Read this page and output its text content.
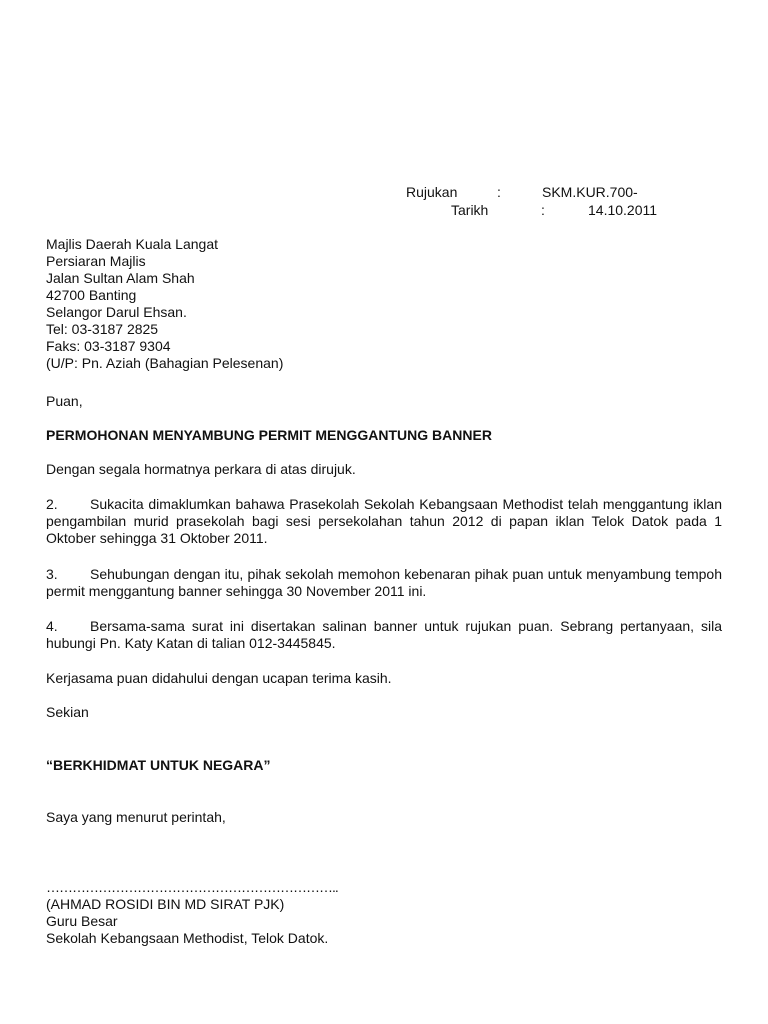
Rujukan	:	SKM.KUR.700-
Tarikh	:	14.10.2011
Majlis Daerah Kuala Langat
Persiaran Majlis
Jalan Sultan Alam Shah
42700 Banting
Selangor Darul Ehsan.
Tel: 03-3187 2825
Faks: 03-3187 9304
(U/P: Pn. Aziah (Bahagian Pelesenan)
Puan,
PERMOHONAN MENYAMBUNG PERMIT MENGGANTUNG BANNER
Dengan segala hormatnya perkara di atas dirujuk.
2. Sukacita dimaklumkan bahawa Prasekolah Sekolah Kebangsaan Methodist telah menggantung iklan pengambilan murid prasekolah bagi sesi persekolahan tahun 2012 di papan iklan Telok Datok pada 1 Oktober sehingga 31 Oktober 2011.
3. Sehubungan dengan itu, pihak sekolah memohon kebenaran pihak puan untuk menyambung tempoh permit menggantung banner sehingga 30 November 2011 ini.
4. Bersama-sama surat ini disertakan salinan banner untuk rujukan puan. Sebrang pertanyaan, sila hubungi Pn. Katy Katan di talian 012-3445845.
Kerjasama puan didahului dengan ucapan terima kasih.
Sekian
“BERKHIDMAT UNTUK NEGARA”
Saya yang menurut perintah,
…………………………………………………………..
(AHMAD ROSIDI BIN MD SIRAT PJK)
Guru Besar
Sekolah Kebangsaan Methodist, Telok Datok.
